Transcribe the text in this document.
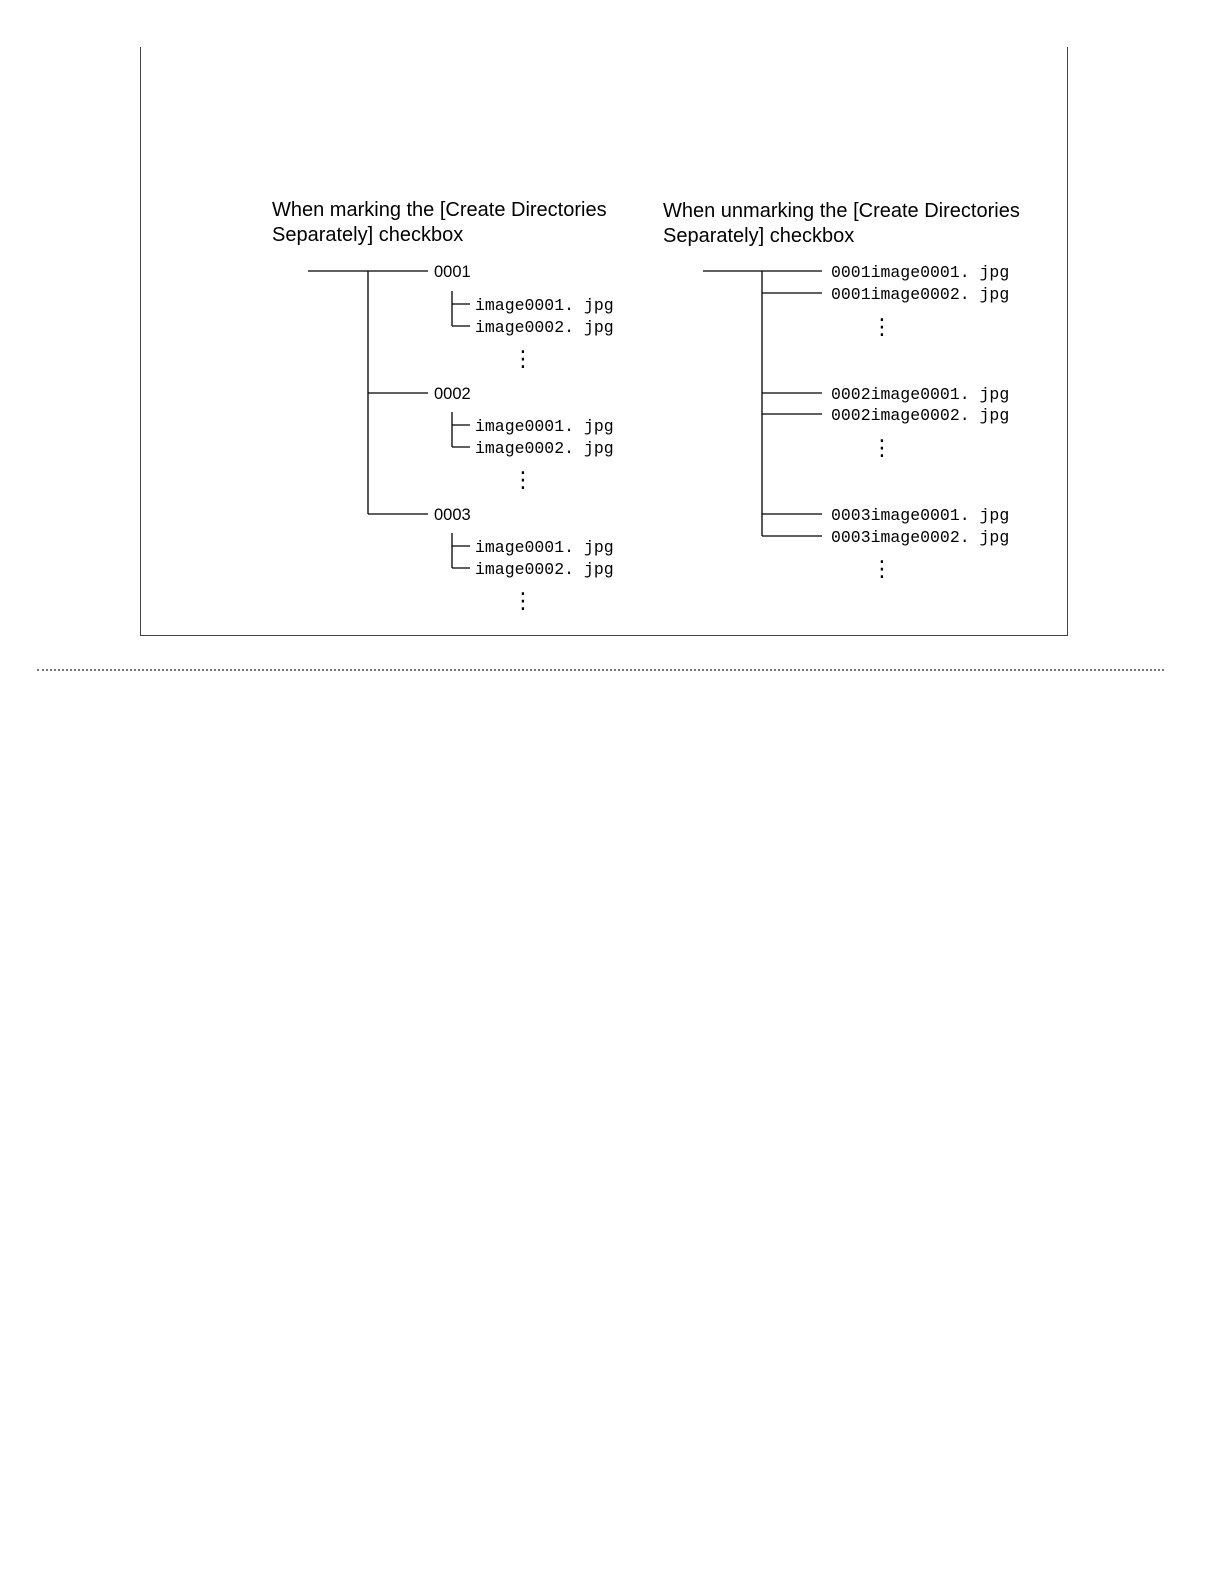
When marking the [Create Directories
Separately] checkbox
When unmarking the [Create Directories
Separately] checkbox
0001
image0001. jpg
image0002. jpg
⋮
0002
image0001. jpg
image0002. jpg
⋮
0003
image0001. jpg
image0002. jpg
⋮
0001image0001. jpg
0001image0002. jpg
⋮
0002image0001. jpg
0002image0002. jpg
⋮
0003image0001. jpg
0003image0002. jpg
⋮
